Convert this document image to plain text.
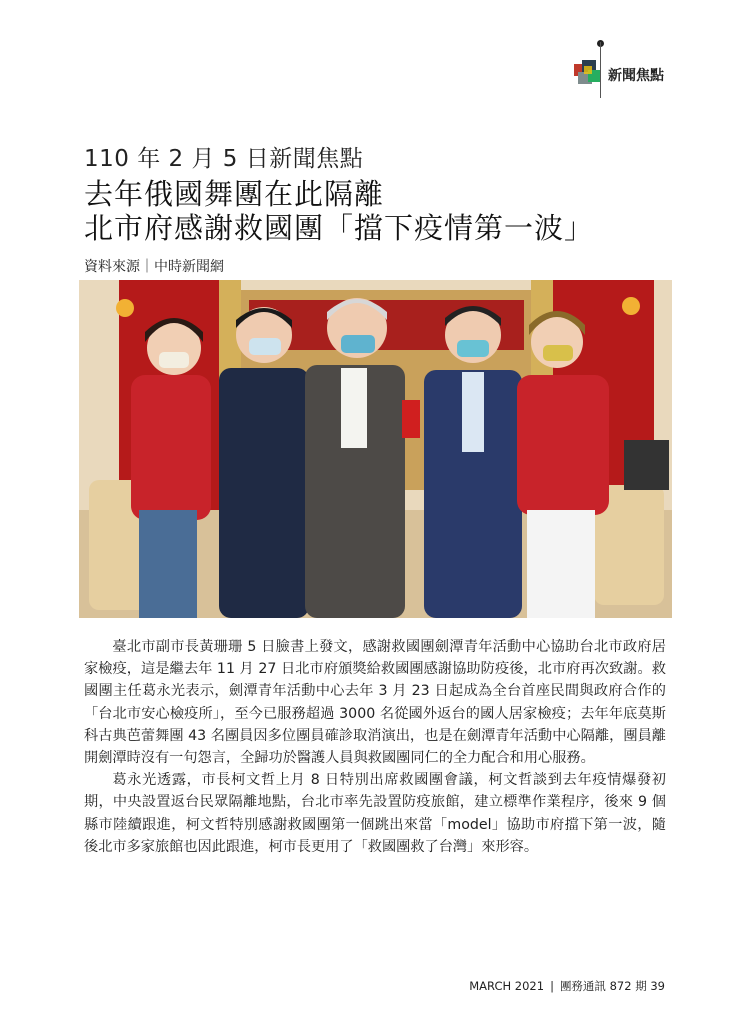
新聞焦點
110 年 2 月 5 日新聞焦點
去年俄國舞團在此隔離
北市府感謝救國團「擋下疫情第一波」
資料來源｜中時新聞網

臺北市副市長黃珊珊 5 日臉書上發文，感謝救國團劍潭青年活動中心協助台北市政府居家檢疫，這是繼去年 11 月 27 日北市府頒獎給救國團感謝協助防疫後，北市府再次致謝。救國團主任葛永光表示，劍潭青年活動中心去年 3 月 23 日起成為全台首座民間與政府合作的「台北市安心檢疫所」，至今已服務超過 3000 名從國外返台的國人居家檢疫；去年年底莫斯科古典芭蕾舞團 43 名團員因多位團員確診取消演出，也是在劍潭青年活動中心隔離，團員離開劍潭時沒有一句怨言，全歸功於醫護人員與救國團同仁的全力配合和用心服務。

葛永光透露，市長柯文哲上月 8 日特別出席救國團會議，柯文哲談到去年疫情爆發初期，中央設置返台民眾隔離地點，台北市率先設置防疫旅館，建立標準作業程序，後來 9 個縣市陸續跟進，柯文哲特別感謝救國團第一個跳出來當「model」協助市府擋下第一波，隨後北市多家旅館也因此跟進，柯市長更用了「救國團救了台灣」來形容。

MARCH 2021 | 團務通訊 872 期 39
